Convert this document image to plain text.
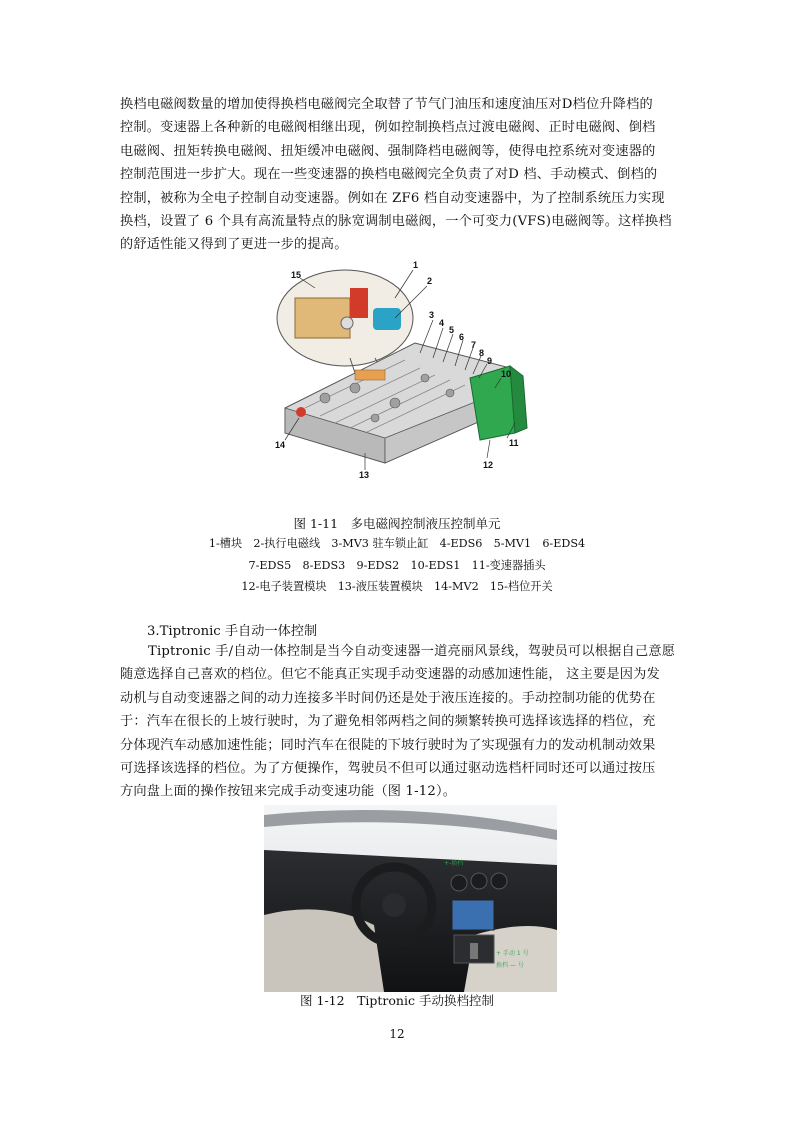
换档电磁阀数量的增加使得换档电磁阀完全取替了节气门油压和速度油压对D档位升降档的
控制。变速器上各种新的电磁阀相继出现，例如控制换档点过渡电磁阀、正时电磁阀、倒档
电磁阀、扭矩转换电磁阀、扭矩缓冲电磁阀、强制降档电磁阀等，使得电控系统对变速器的
控制范围进一步扩大。现在一些变速器的换档电磁阀完全负责了对D 档、手动模式、倒档的
控制，被称为全电子控制自动变速器。例如在 ZF6 档自动变速器中，为了控制系统压力实现
换档，设置了 6 个具有高流量特点的脉宽调制电磁阀，一个可变力(VFS)电磁阀等。这样换档
的舒适性能又得到了更进一步的提高。
1
2
3
4
5
6
7
8
9
10
11
12
13
14
15

图 1-11　多电磁阀控制液压控制单元

1-槽块　2-执行电磁线　3-MV3 驻车锁止缸　4-EDS6　5-MV1　6-EDS4
7-EDS5　8-EDS3　9-EDS2　10-EDS1　11-变速器插头
12-电子装置模块　13-液压装置模块　14-MV2　15-档位开关
3.Tiptronic 手自动一体控制
Tiptronic 手/自动一体控制是当今自动变速器一道亮丽风景线，驾驶员可以根据自己意愿
随意选择自己喜欢的档位。但它不能真正实现手动变速器的动感加速性能， 这主要是因为发
动机与自动变速器之间的动力连接多半时间仍还是处于液压连接的。手动控制功能的优势在
于：汽车在很长的上坡行驶时，为了避免相邻两档之间的频繁转换可选择该选择的档位，充
分体现汽车动感加速性能；同时汽车在很陡的下坡行驶时为了实现强有力的发动机制动效果
可选择该选择的档位。为了方便操作，驾驶员不但可以通过驱动选档杆同时还可以通过按压
方向盘上面的操作按钮来完成手动变速功能（图 1-12）。
+-换档
+ 手动 1 号
换档 — 号

图 1-12　Tiptronic 手动换档控制

12
